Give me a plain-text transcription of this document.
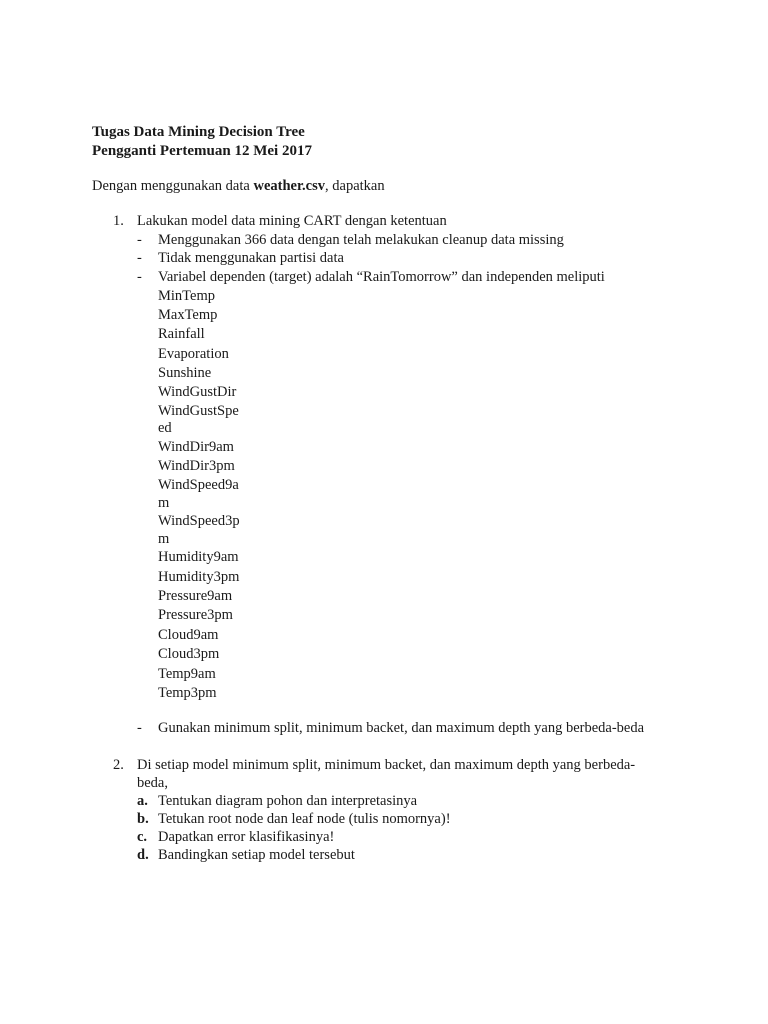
Tugas Data Mining Decision Tree
Pengganti Pertemuan 12 Mei 2017
Dengan menggunakan data weather.csv, dapatkan
1. Lakukan model data mining CART dengan ketentuan
-	Menggunakan 366 data dengan telah melakukan cleanup data missing
-	Tidak menggunakan partisi data
-	Variabel dependen (target) adalah “RainTomorrow” dan independen meliputi
MinTemp
MaxTemp
Rainfall
Evaporation
Sunshine
WindGustDir
WindGustSpe
ed
WindDir9am
WindDir3pm
WindSpeed9a
m
WindSpeed3p
m
Humidity9am
Humidity3pm
Pressure9am
Pressure3pm
Cloud9am
Cloud3pm
Temp9am
Temp3pm
-	Gunakan minimum split, minimum backet, dan maximum depth yang berbeda-beda
2. Di setiap model minimum split, minimum backet, dan maximum depth yang berbeda-
beda,
a. Tentukan diagram pohon dan interpretasinya
b. Tetukan root node dan leaf node (tulis nomornya)!
c. Dapatkan error klasifikasinya!
d. Bandingkan setiap model tersebut
